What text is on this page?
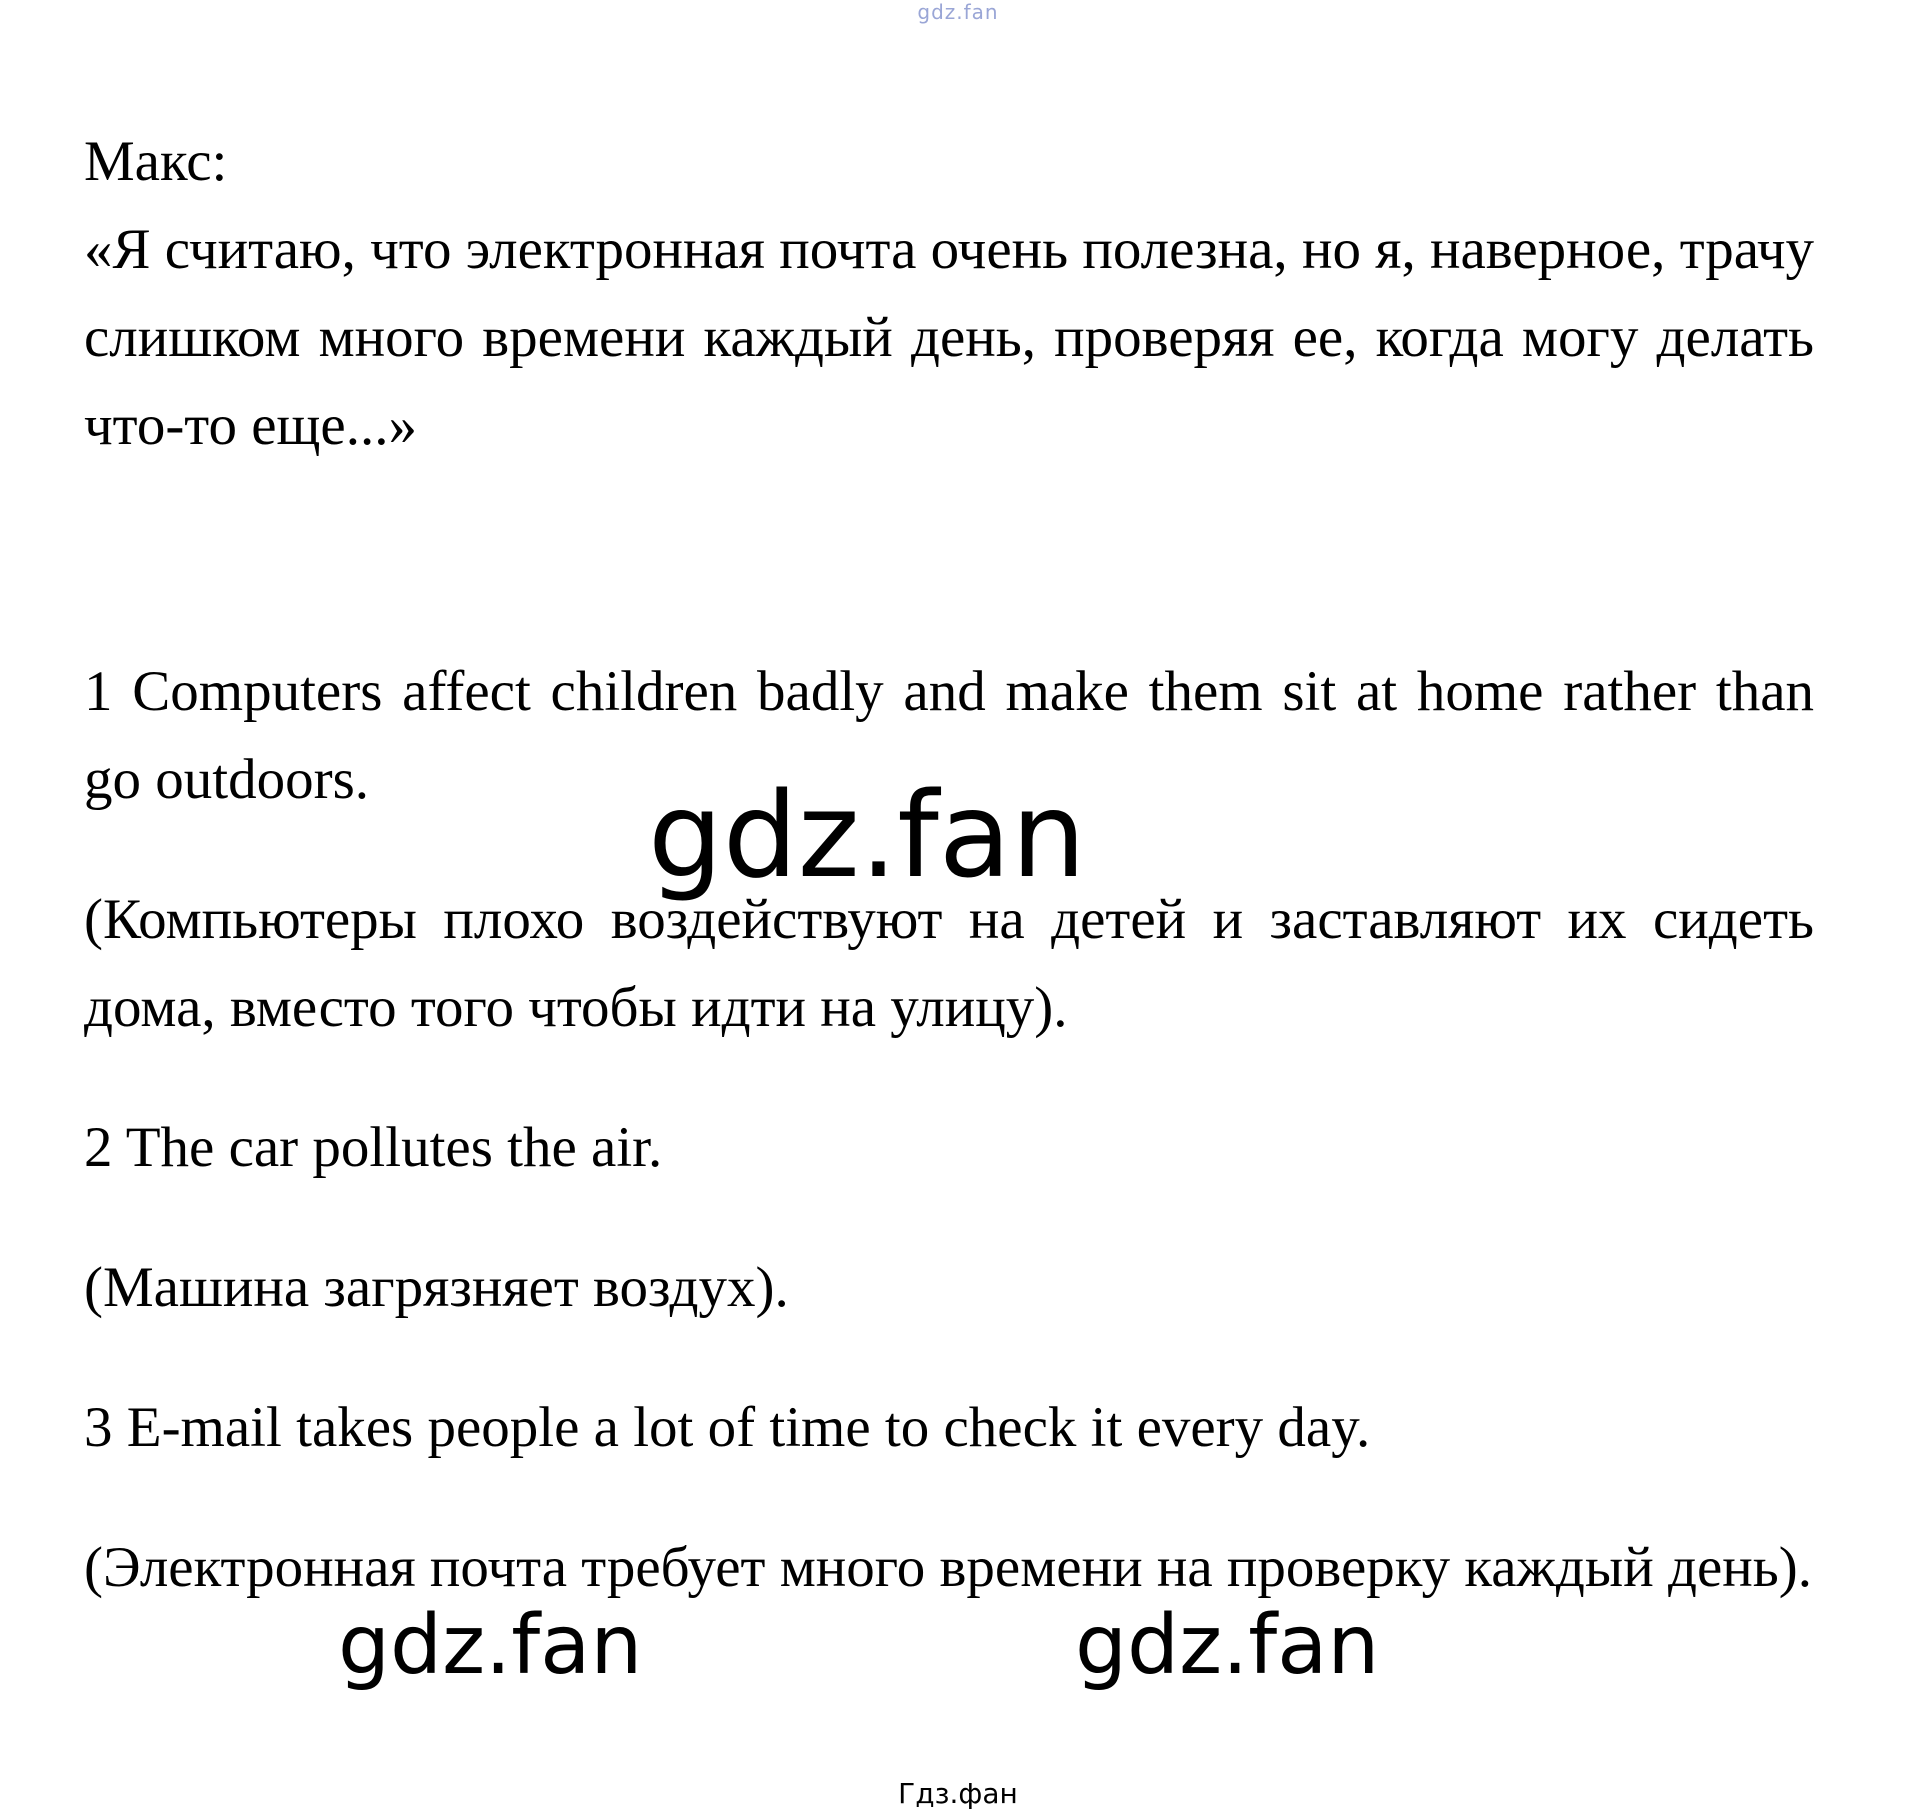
gdz.fan

Макс:

«Я считаю, что электронная почта очень полезна, но я, наверное, трачу слишком много времени каждый день, проверяя ее, когда могу делать что-то еще...»

1 Computers affect children badly and make them sit at home rather than go outdoors.

(Компьютеры плохо воздействуют на детей и заставляют их сидеть дома, вместо того чтобы идти на улицу).

2 The car pollutes the air.

(Машина загрязняет воздух).

3 E-mail takes people a lot of time to check it every day.

(Электронная почта требует много времени на проверку каждый день).

gdz.fan
gdz.fan	gdz.fan
Гдз.фан
